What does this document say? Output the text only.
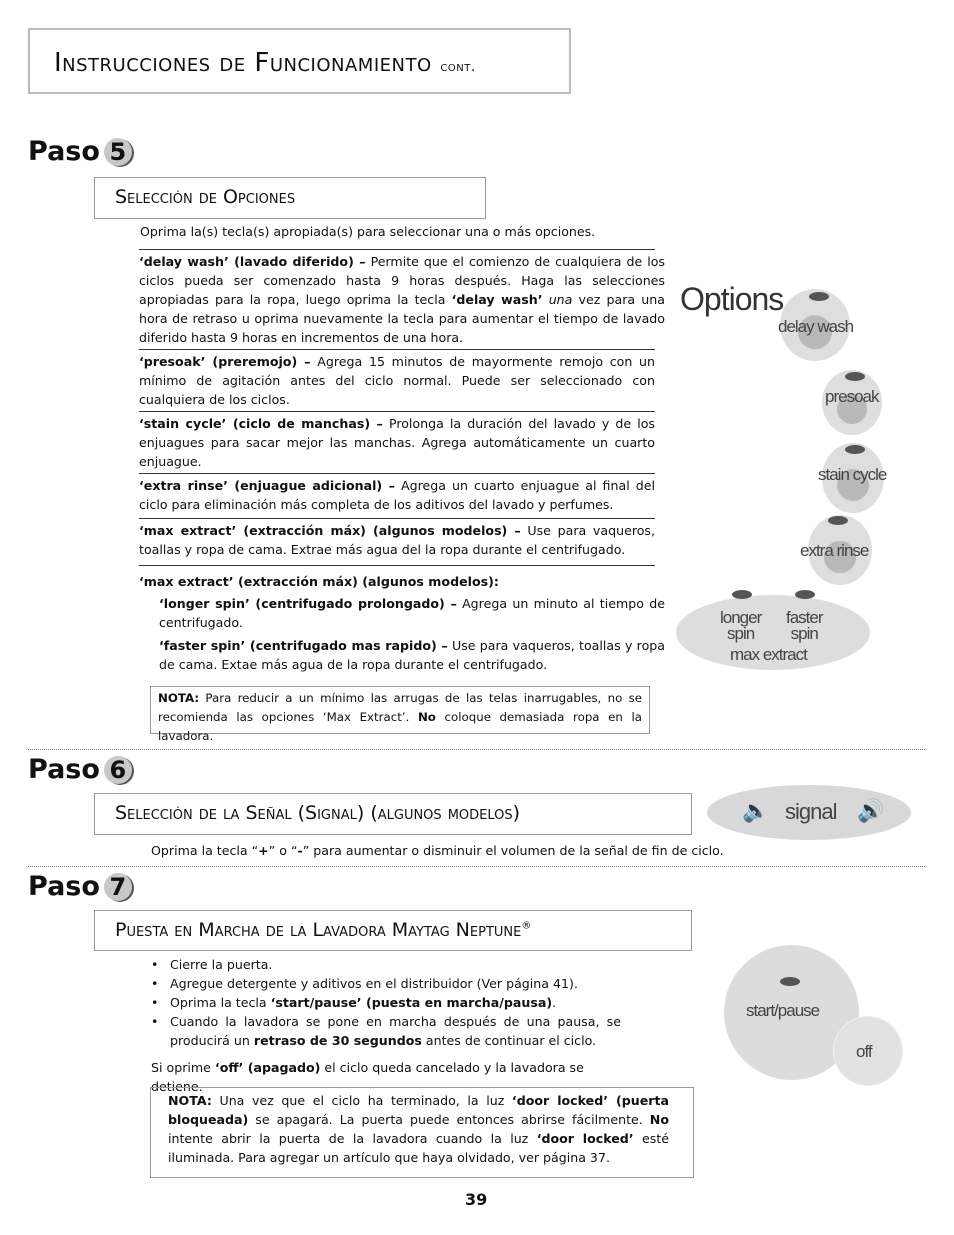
Instrucciones de Funcionamiento cont.
Paso 5
Selección de Opciones
Oprima la(s) tecla(s) apropiada(s) para seleccionar una o más opciones.
‘delay wash’ (lavado diferido) – Permite que el comienzo de cualquiera de los ciclos pueda ser comenzado hasta 9 horas después. Haga las selecciones apropiadas para la ropa, luego oprima la tecla ‘delay wash’ una vez para una hora de retraso u oprima nuevamente la tecla para aumentar el tiempo de lavado diferido hasta 9 horas en incrementos de una hora.
‘presoak’ (preremojo) – Agrega 15 minutos de mayormente remojo con un mínimo de agitación antes del ciclo normal. Puede ser seleccionado con cualquiera de los ciclos.
‘stain cycle’ (ciclo de manchas) – Prolonga la duración del lavado y de los enjuagues para sacar mejor las manchas. Agrega automáticamente un cuarto enjuague.
‘extra rinse’ (enjuague adicional) – Agrega un cuarto enjuague al final del ciclo para eliminación más completa de los aditivos del lavado y perfumes.
‘max extract’ (extracción máx) (algunos modelos) – Use para vaqueros, toallas y ropa de cama. Extrae más agua del la ropa durante el centrifugado.
‘max extract’ (extracción máx) (algunos modelos):
‘longer spin’ (centrifugado prolongado) – Agrega un minuto al tiempo de centrifugado.
‘faster spin’ (centrifugado mas rapido) – Use para vaqueros, toallas y ropa de cama. Extae más agua de la ropa durante el centrifugado.
NOTA: Para reducir a un mínimo las arrugas de las telas inarrugables, no se recomienda las opciones ‘Max Extract’. No coloque demasiada ropa en la lavadora.
Options
delay wash
presoak
stain cycle
extra rinse
longer
spin
faster
spin
max extract
Paso 6
Selección de la Señal (Signal) (algunos modelos)	🔈 signal 🔊
Oprima la tecla “+” o “-” para aumentar o disminuir el volumen de la señal de fin de ciclo.
Paso 7
Puesta en Marcha de la Lavadora Maytag Neptune®
• Cierre la puerta.
• Agregue detergente y aditivos en el distribuidor (Ver página 41).
• Oprima la tecla ‘start/pause’ (puesta en marcha/pausa).
• Cuando la lavadora se pone en marcha después de una pausa, se producirá un retraso de 30 segundos antes de continuar el ciclo.
Si oprime ‘off’ (apagado) el ciclo queda cancelado y la lavadora se detiene.
start/pause
off
NOTA: Una vez que el ciclo ha terminado, la luz ‘door locked’ (puerta bloqueada) se apagará. La puerta puede entonces abrirse fácilmente. No intente abrir la puerta de la lavadora cuando la luz ‘door locked’ esté iluminada. Para agregar un artículo que haya olvidado, ver página 37.
39
